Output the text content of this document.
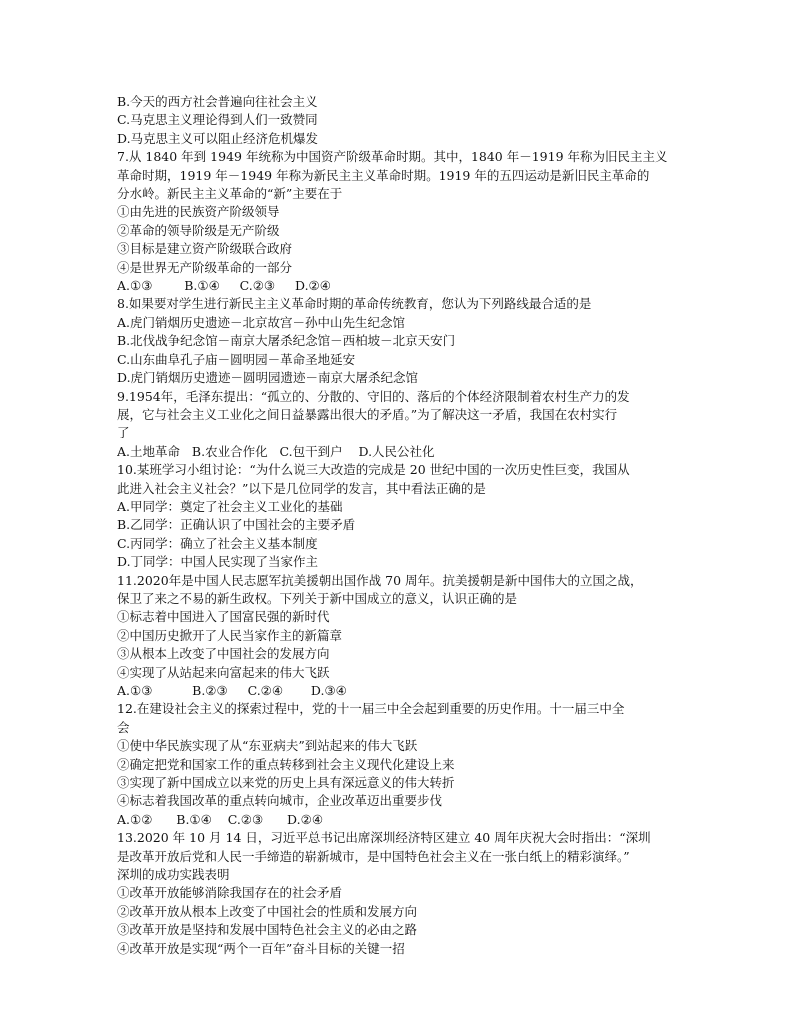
B.今天的西方社会普遍向往社会主义
C.马克思主义理论得到人们一致赞同
D.马克思主义可以阻止经济危机爆发
7.从 1840 年到 1949 年统称为中国资产阶级革命时期。其中，1840 年－1919 年称为旧民主主义
革命时期，1919 年－1949 年称为新民主主义革命时期。1919 年的五四运动是新旧民主革命的
分水岭。新民主主义革命的“新”主要在于
①由先进的民族资产阶级领导
②革命的领导阶级是无产阶级
③目标是建立资产阶级联合政府
④是世界无产阶级革命的一部分
A.①③        B.①④     C.②③     D.②④
8.如果要对学生进行新民主主义革命时期的革命传统教育，您认为下列路线最合适的是
A.虎门销烟历史遗迹－北京故宫－孙中山先生纪念馆
B.北伐战争纪念馆－南京大屠杀纪念馆－西柏坡－北京天安门
C.山东曲阜孔子庙－圆明园－革命圣地延安
D.虎门销烟历史遗迹－圆明园遗迹－南京大屠杀纪念馆
9.1954年，毛泽东提出：“孤立的、分散的、守旧的、落后的个体经济限制着农村生产力的发
展，它与社会主义工业化之间日益暴露出很大的矛盾。”为了解决这一矛盾，我国在农村实行
了
A.土地革命   B.农业合作化   C.包干到户    D.人民公社化
10.某班学习小组讨论：“为什么说三大改造的完成是 20 世纪中国的一次历史性巨变，我国从
此进入社会主义社会？”以下是几位同学的发言，其中看法正确的是
A.甲同学：奠定了社会主义工业化的基础
B.乙同学：正确认识了中国社会的主要矛盾
C.丙同学：确立了社会主义基本制度
D.丁同学：中国人民实现了当家作主
11.2020年是中国人民志愿军抗美援朝出国作战 70 周年。抗美援朝是新中国伟大的立国之战，
保卫了来之不易的新生政权。下列关于新中国成立的意义，认识正确的是
①标志着中国进入了国富民强的新时代
②中国历史掀开了人民当家作主的新篇章
③从根本上改变了中国社会的发展方向
④实现了从站起来向富起来的伟大飞跃
A.①③          B.②③     C.②④       D.③④
12.在建设社会主义的探索过程中，党的十一届三中全会起到重要的历史作用。十一届三中全
会
①使中华民族实现了从“东亚病夫”到站起来的伟大飞跃
②确定把党和国家工作的重点转移到社会主义现代化建设上来
③实现了新中国成立以来党的历史上具有深远意义的伟大转折
④标志着我国改革的重点转向城市，企业改革迈出重要步伐
A.①②      B.①④    C.②③      D.②④
13.2020 年 10 月 14 日，习近平总书记出席深圳经济特区建立 40 周年庆祝大会时指出：“深圳
是改革开放后党和人民一手缔造的崭新城市，是中国特色社会主义在一张白纸上的精彩演绎。”
深圳的成功实践表明
①改革开放能够消除我国存在的社会矛盾
②改革开放从根本上改变了中国社会的性质和发展方向
③改革开放是坚持和发展中国特色社会主义的必由之路
④改革开放是实现“两个一百年”奋斗目标的关键一招
